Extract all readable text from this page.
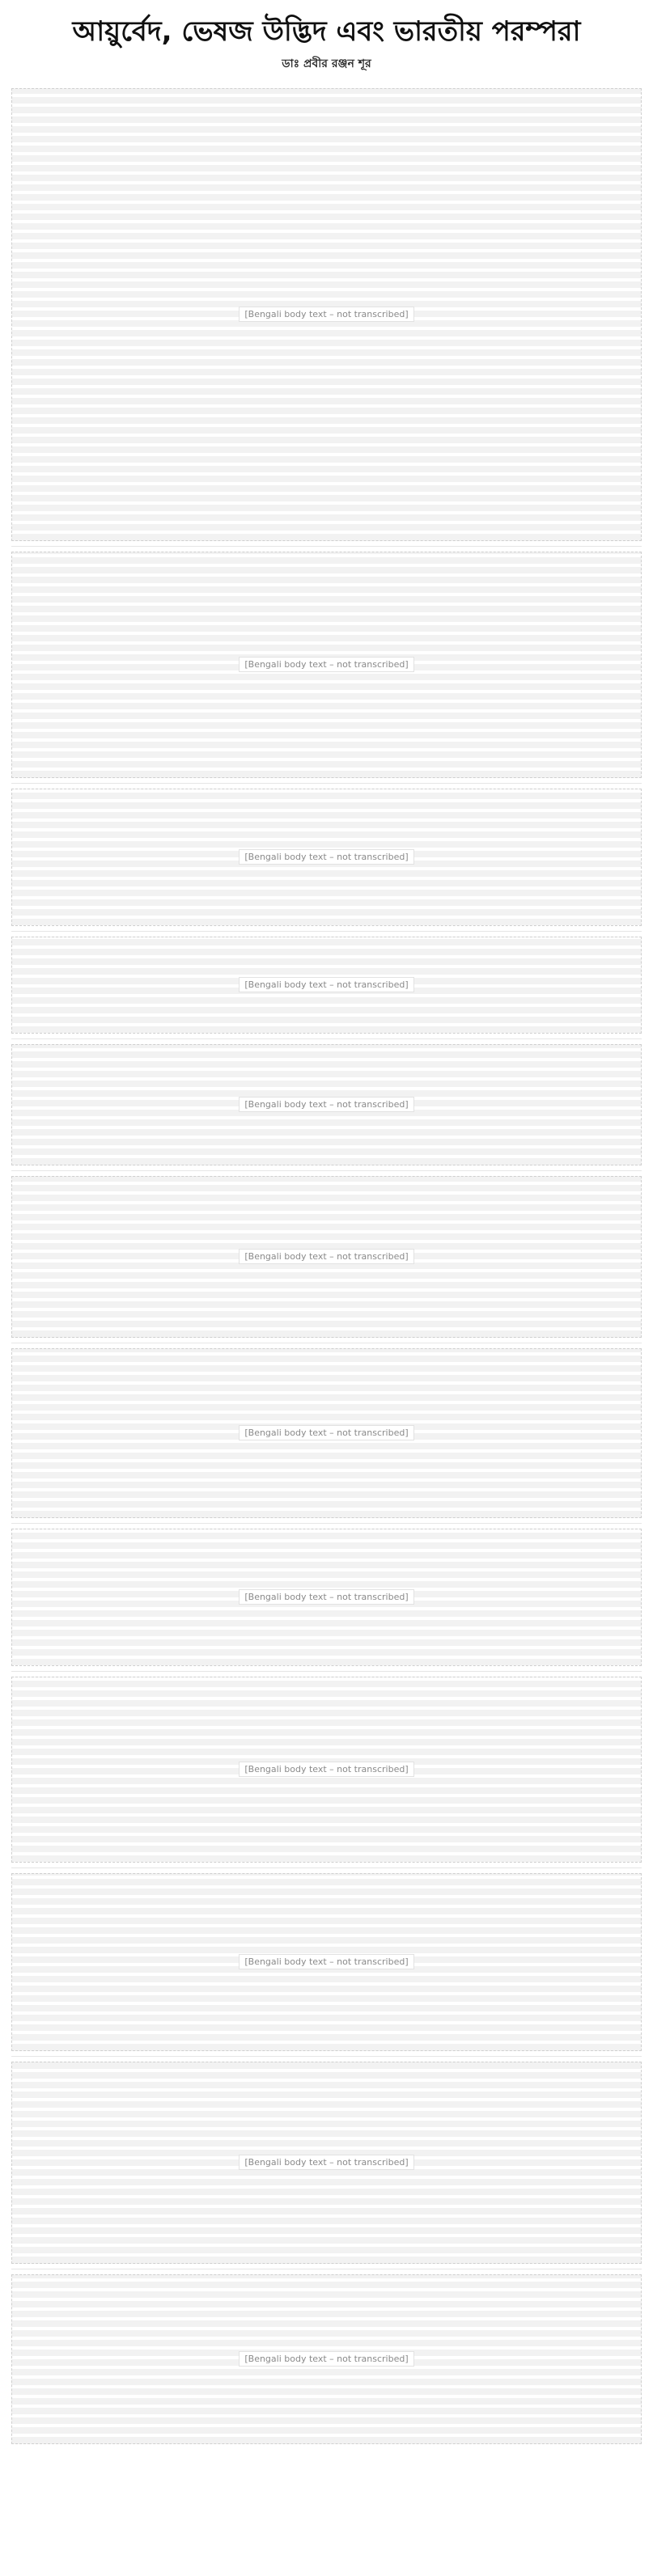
আয়ুর্বেদ, ভেষজ উদ্ভিদ এবং ভারতীয় পরম্পরা
ডাঃ প্রবীর রঞ্জন শূর
[Bengali body text – not transcribed]
[Bengali body text – not transcribed]
[Bengali body text – not transcribed]
[Bengali body text – not transcribed]
[Bengali body text – not transcribed]
[Bengali body text – not transcribed]
[Bengali body text – not transcribed]
[Bengali body text – not transcribed]
[Bengali body text – not transcribed]
[Bengali body text – not transcribed]
[Bengali body text – not transcribed]
[Bengali body text – not transcribed]
